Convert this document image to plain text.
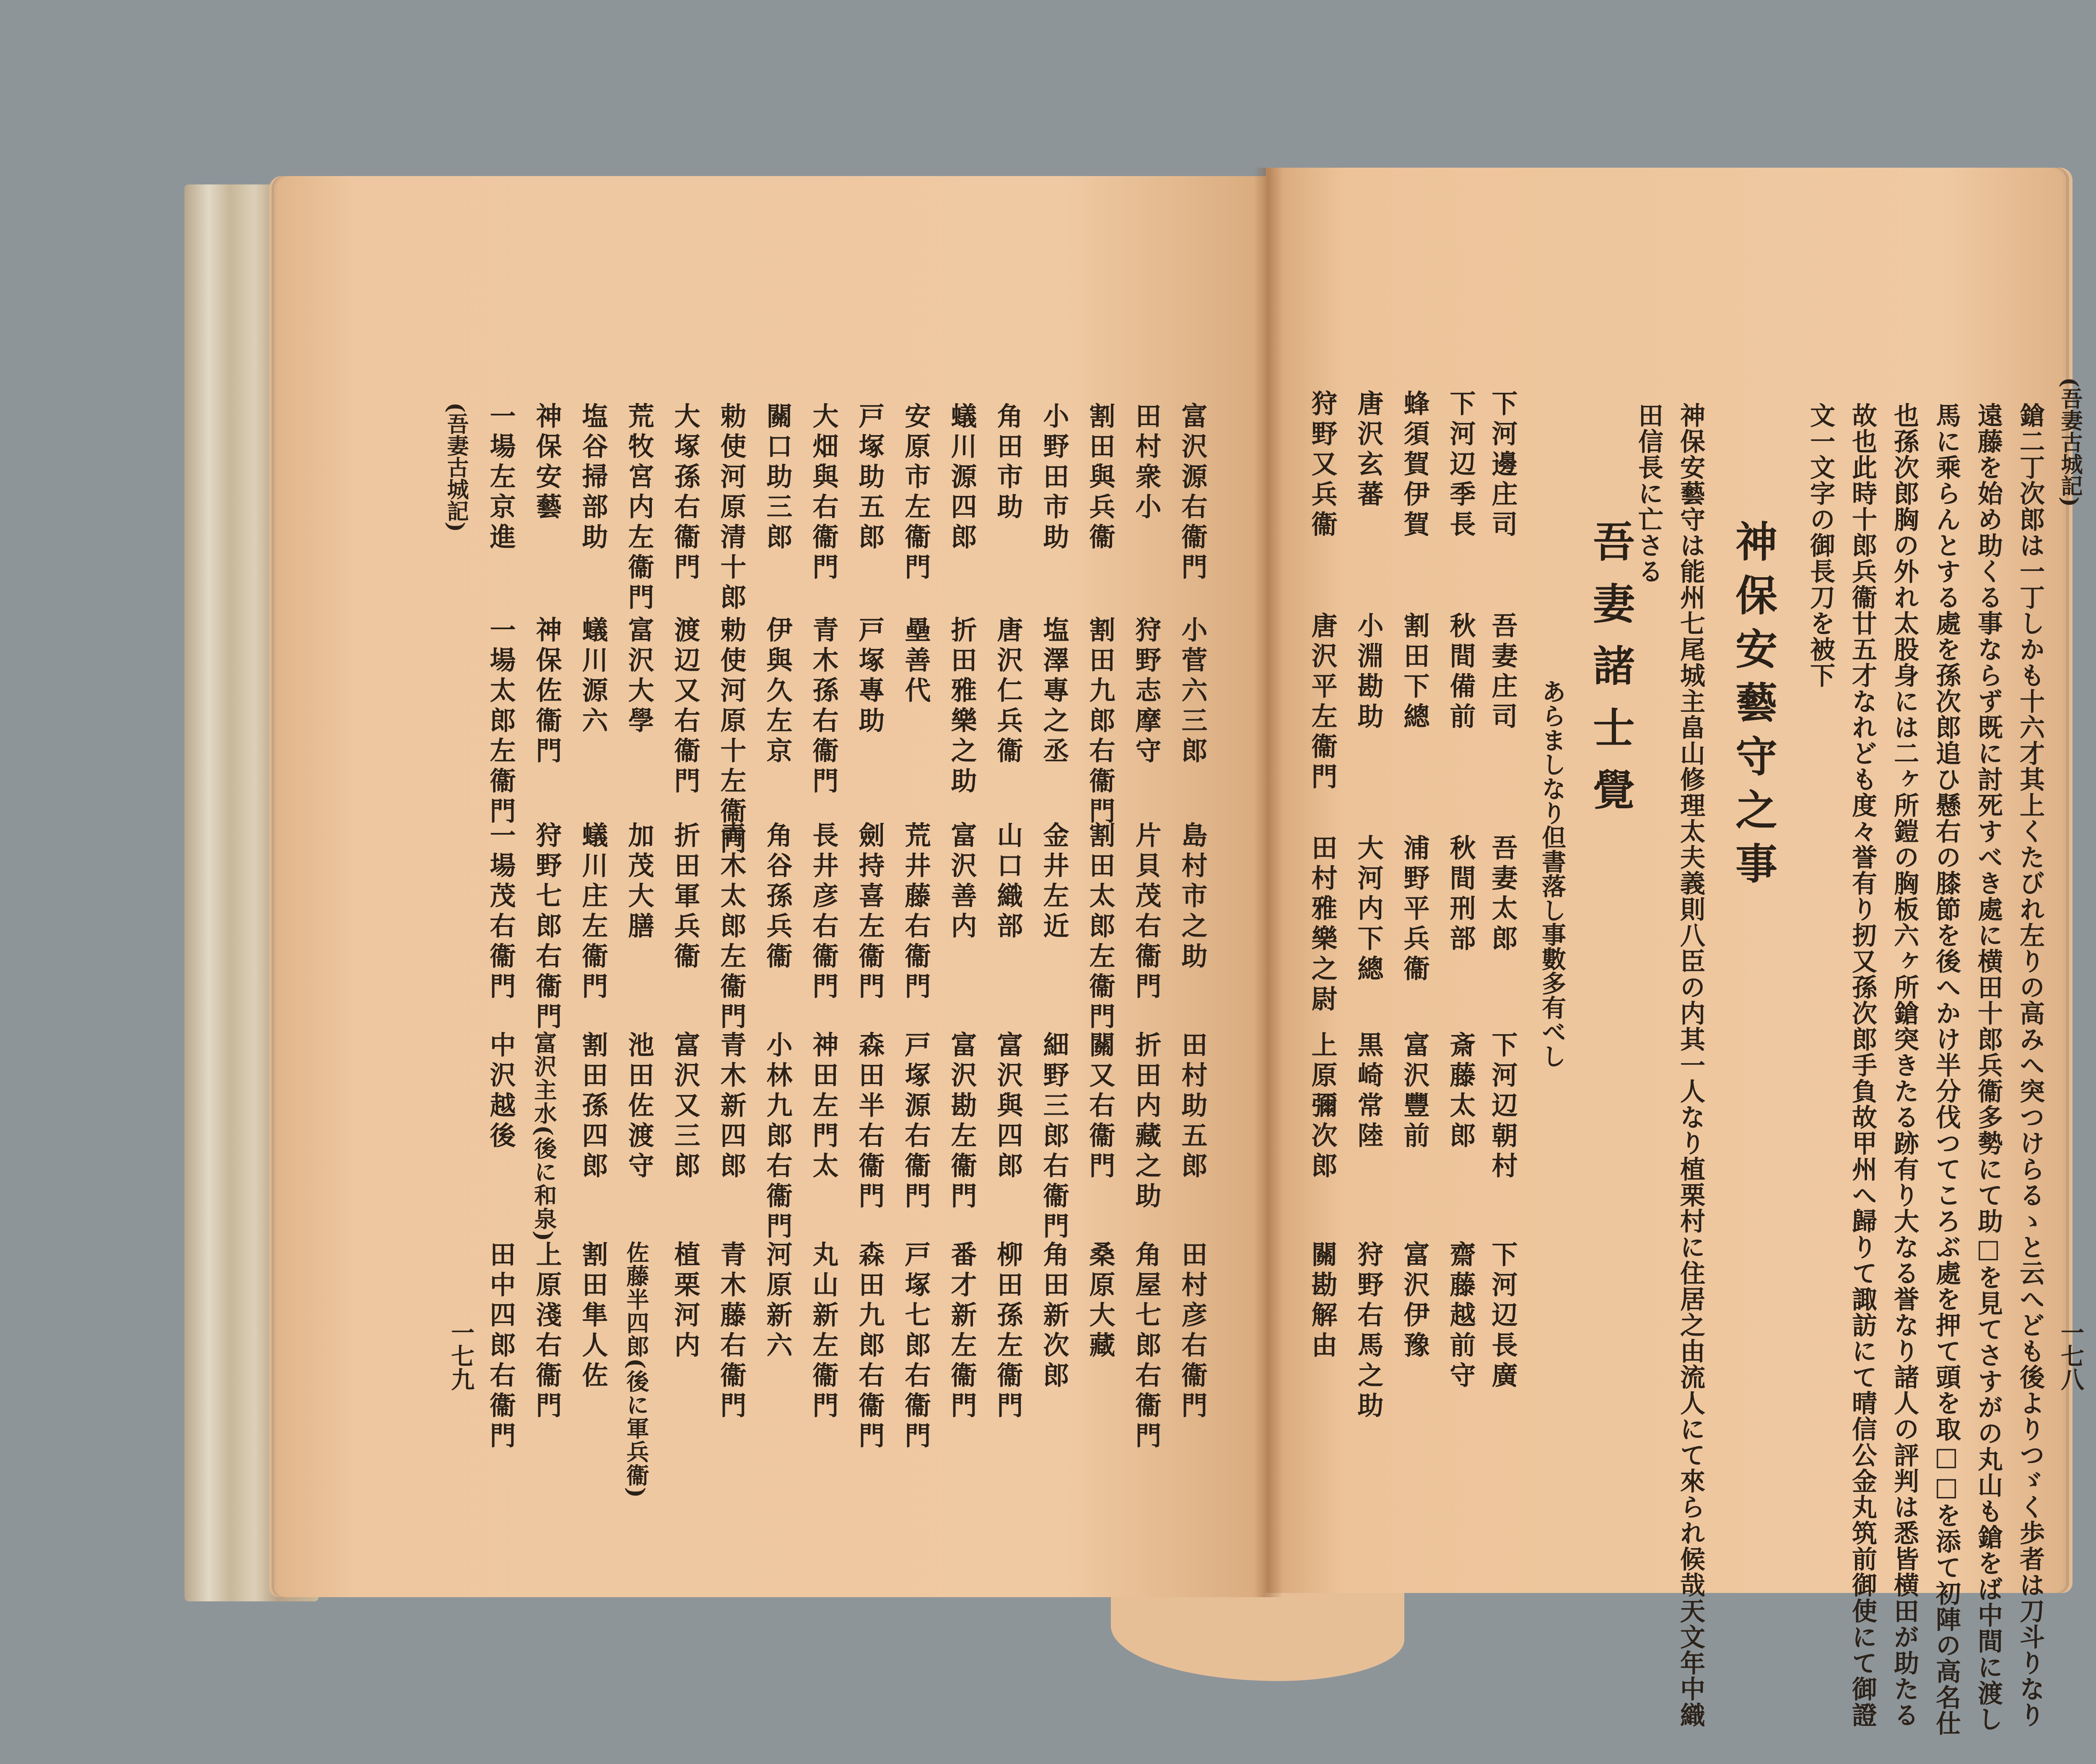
(吾妻古城記)
一七八
鎗二丁次郎は一丁しかも十六才其上くたびれ左りの高みへ突つけらるゝと云へども後よりつゞく歩者は刀斗りなり
遠藤を始め助くる事ならず既に討死すべき處に横田十郎兵衞多勢にて助□を見てさすがの丸山も鎗をば中間に渡し
馬に乘らんとする處を孫次郎追ひ懸右の膝節を後へかけ半分伐つてころぶ處を押て頭を取□□を添て初陣の高名仕
也孫次郎胸の外れ太股身には二ヶ所鎧の胸板六ヶ所鎗突きたる跡有り大なる誉なり諸人の評判は悉皆横田が助たる
故也此時十郎兵衞廿五才なれども度々誉有り扨又孫次郎手負故甲州へ歸りて諏訪にて晴信公金丸筑前御使にて御證
文一文字の御長刀を被下
神保安藝守之事
神保安藝守は能州七尾城主畠山修理太夫義則八臣の内其一人なり植栗村に住居之由流人にて來られ候哉天文年中織
田信長に亡さる
吾妻諸士覺
あらましなり但書落し事數多有べし
下河邊庄司
吾妻庄司
吾妻太郎
下河辺朝村
下河辺長廣
下河辺季長
秋間備前
秋間刑部
斎藤太郎
齋藤越前守
蜂須賀伊賀
割田下總
浦野平兵衞
富沢豐前
富沢伊豫
唐沢玄蕃
小淵勘助
大河内下總
黒崎常陸
狩野右馬之助
狩野又兵衞
唐沢平左衞門
田村雅樂之尉
上原彌次郎
關勘解由
富沢源右衞門
小菅六三郎
島村市之助
田村助五郎
田村彦右衞門
田村衆小
狩野志摩守
片貝茂右衞門
折田内藏之助
角屋七郎右衞門
割田與兵衞
割田九郎右衞門
割田太郎左衞門
關又右衞門
桑原大藏
小野田市助
塩澤專之丞
金井左近
細野三郎右衞門
角田新次郎
角田市助
唐沢仁兵衞
山口織部
富沢與四郎
柳田孫左衞門
蟻川源四郎
折田雅樂之助
富沢善内
富沢勘左衞門
番才新左衞門
安原市左衞門
壘善代
荒井藤右衞門
戸塚源右衞門
戸塚七郎右衞門
戸塚助五郎
戸塚專助
劍持喜左衞門
森田半右衞門
森田九郎右衞門
大畑與右衞門
青木孫右衞門
長井彦右衞門
神田左門太
丸山新左衞門
關口助三郎
伊與久左京
角谷孫兵衞
小林九郎右衞門
河原新六
勅使河原清十郎
勅使河原十左衞門
青木太郎左衞門
青木新四郎
青木藤右衞門
大塚孫右衞門
渡辺又右衞門
折田軍兵衞
富沢又三郎
植栗河内
荒牧宮内左衞門
富沢大學
加茂大膳
池田佐渡守
佐藤半四郎(後に軍兵衞)
塩谷掃部助
蟻川源六
蟻川庄左衞門
割田孫四郎
割田隼人佐
神保安藝
神保佐衞門
狩野七郎右衞門
富沢主水(後に和泉)
上原淺右衞門
一場左京進
一場太郎左衞門
一場茂右衞門
中沢越後
田中四郎右衞門
(吾妻古城記)
一七九
